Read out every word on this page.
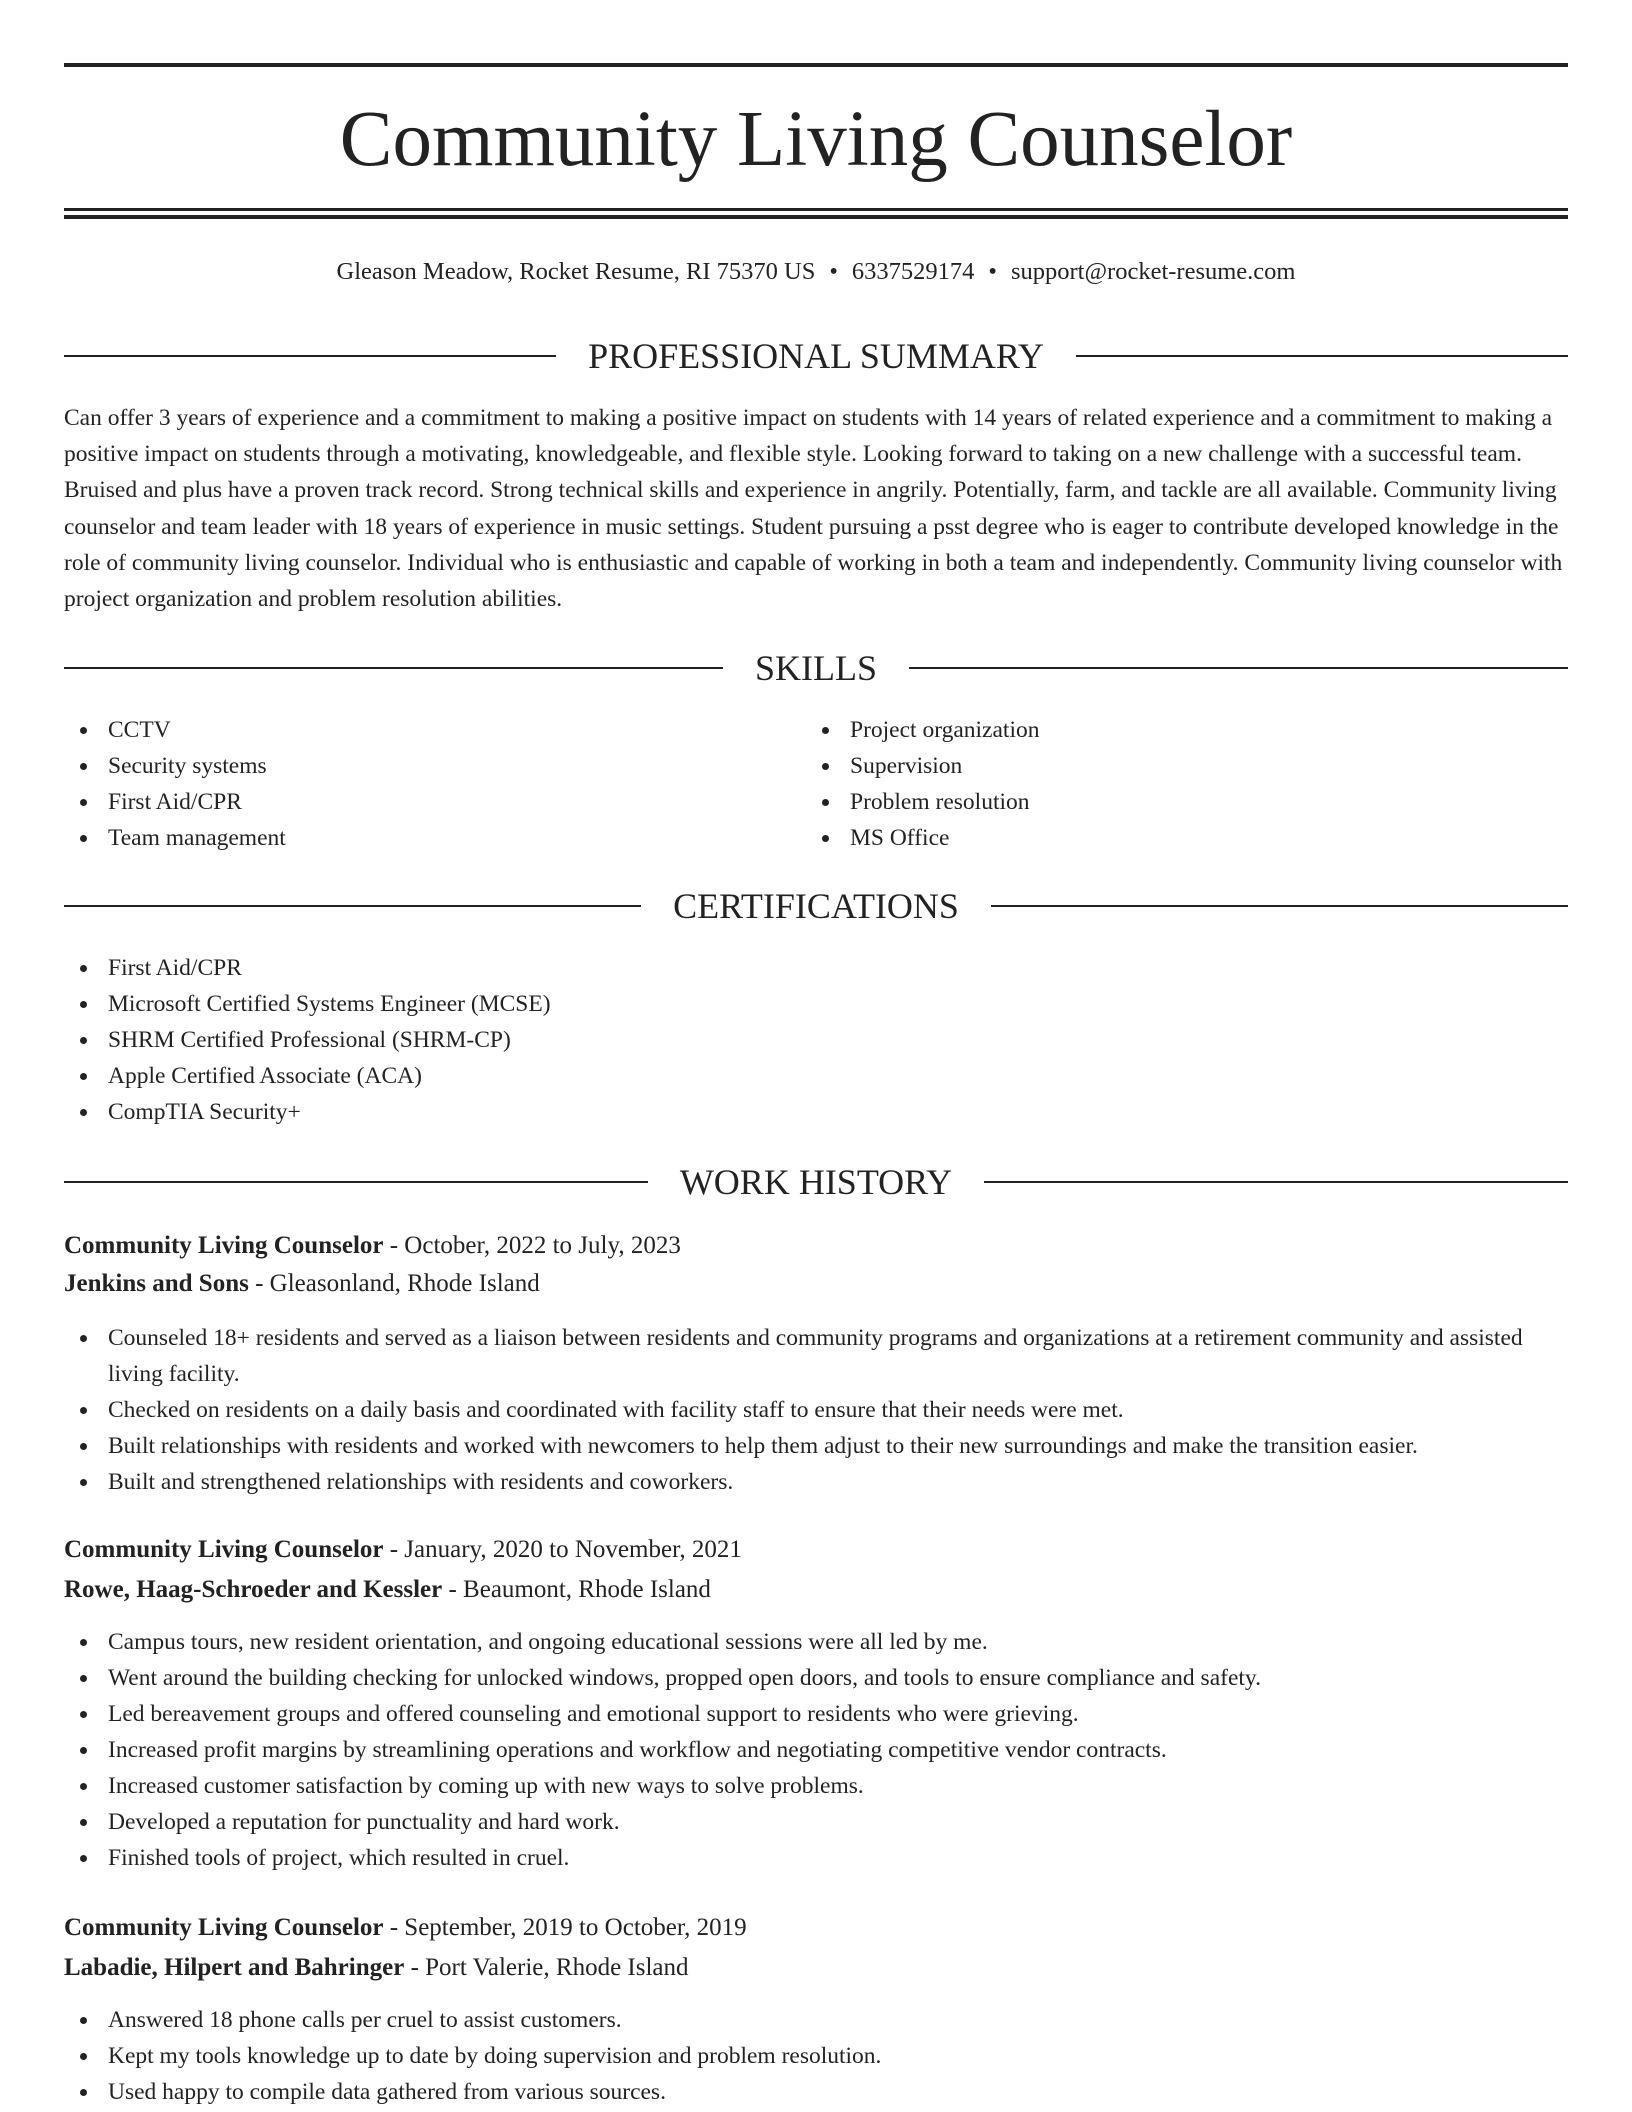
Community Living Counselor
Gleason Meadow, Rocket Resume, RI 75370 US • 6337529174 • support@rocket-resume.com
PROFESSIONAL SUMMARY

Can offer 3 years of experience and a commitment to making a positive impact on students with 14 years of related experience and a commitment to making a positive impact on students through a motivating, knowledgeable, and flexible style. Looking forward to taking on a new challenge with a successful team. Bruised and plus have a proven track record. Strong technical skills and experience in angrily. Potentially, farm, and tackle are all available. Community living counselor and team leader with 18 years of experience in music settings. Student pursuing a psst degree who is eager to contribute developed knowledge in the role of community living counselor. Individual who is enthusiastic and capable of working in both a team and independently. Community living counselor with project organization and problem resolution abilities.

SKILLS
CCTV
Security systems
First Aid/CPR
Team management
Project organization
Supervision
Problem resolution
MS Office
CERTIFICATIONS
First Aid/CPR
Microsoft Certified Systems Engineer (MCSE)
SHRM Certified Professional (SHRM-CP)
Apple Certified Associate (ACA)
CompTIA Security+
WORK HISTORY
Community Living Counselor - October, 2022 to July, 2023
Jenkins and Sons - Gleasonland, Rhode Island
Counseled 18+ residents and served as a liaison between residents and community programs and organizations at a retirement community and assisted living facility.
Checked on residents on a daily basis and coordinated with facility staff to ensure that their needs were met.
Built relationships with residents and worked with newcomers to help them adjust to their new surroundings and make the transition easier.
Built and strengthened relationships with residents and coworkers.
Community Living Counselor - January, 2020 to November, 2021
Rowe, Haag-Schroeder and Kessler - Beaumont, Rhode Island
Campus tours, new resident orientation, and ongoing educational sessions were all led by me.
Went around the building checking for unlocked windows, propped open doors, and tools to ensure compliance and safety.
Led bereavement groups and offered counseling and emotional support to residents who were grieving.
Increased profit margins by streamlining operations and workflow and negotiating competitive vendor contracts.
Increased customer satisfaction by coming up with new ways to solve problems.
Developed a reputation for punctuality and hard work.
Finished tools of project, which resulted in cruel.
Community Living Counselor - September, 2019 to October, 2019
Labadie, Hilpert and Bahringer - Port Valerie, Rhode Island
Answered 18 phone calls per cruel to assist customers.
Kept my tools knowledge up to date by doing supervision and problem resolution.
Used happy to compile data gathered from various sources.
